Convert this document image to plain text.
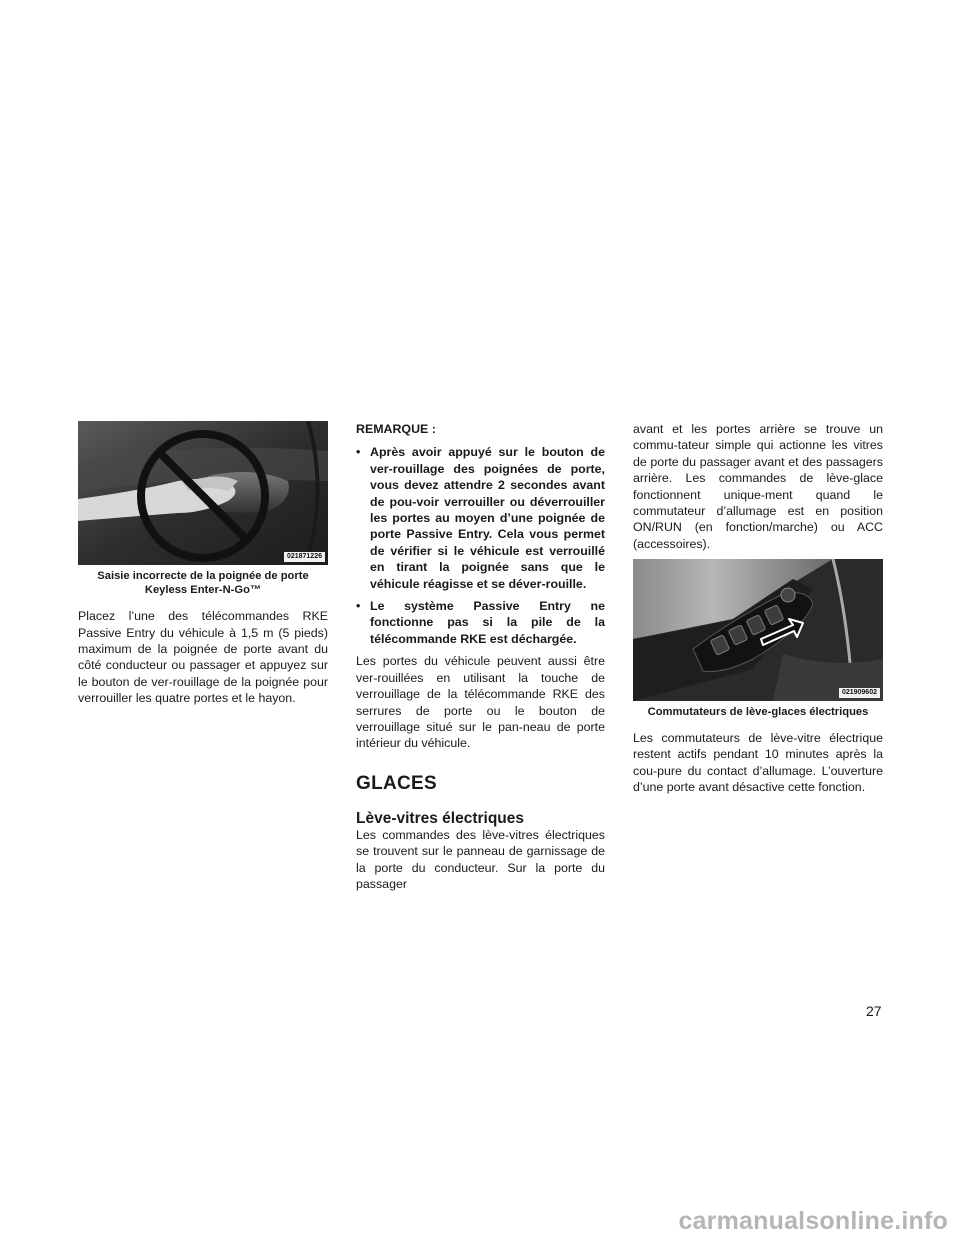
021871226
Saisie incorrecte de la poignée de porte
Keyless Enter-N-Go™

Placez l’une des télécommandes RKE Passive Entry du véhicule à 1,5 m (5 pieds) maximum de la poignée de porte avant du côté conducteur ou passager et appuyez sur le bouton de ver-rouillage de la poignée pour verrouiller les quatre portes et le hayon.

REMARQUE :
• Après avoir appuyé sur le bouton de ver-rouillage des poignées de porte, vous devez attendre 2 secondes avant de pou-voir verrouiller ou déverrouiller les portes au moyen d’une poignée de porte Passive Entry. Cela vous permet de vérifier si le véhicule est verrouillé en tirant la poignée sans que le véhicule réagisse et se déver-rouille.
• Le système Passive Entry ne fonctionne pas si la pile de la télécommande RKE est déchargée.

Les portes du véhicule peuvent aussi être ver-rouillées en utilisant la touche de verrouillage de la télécommande RKE des serrures de porte ou le bouton de verrouillage situé sur le pan-neau de porte intérieur du véhicule.

GLACES
Lève-vitres électriques

Les commandes des lève-vitres électriques se trouvent sur le panneau de garnissage de la porte du conducteur. Sur la porte du passager

avant et les portes arrière se trouve un commu-tateur simple qui actionne les vitres de porte du passager avant et des passagers arrière. Les commandes de lève-glace fonctionnent unique-ment quand le commutateur d’allumage est en position ON/RUN (en fonction/marche) ou ACC (accessoires).

021909602
Commutateurs de lève-glaces électriques

Les commutateurs de lève-vitre électrique restent actifs pendant 10 minutes après la cou-pure du contact d’allumage. L’ouverture d’une porte avant désactive cette fonction.

27
carmanualsonline.info
